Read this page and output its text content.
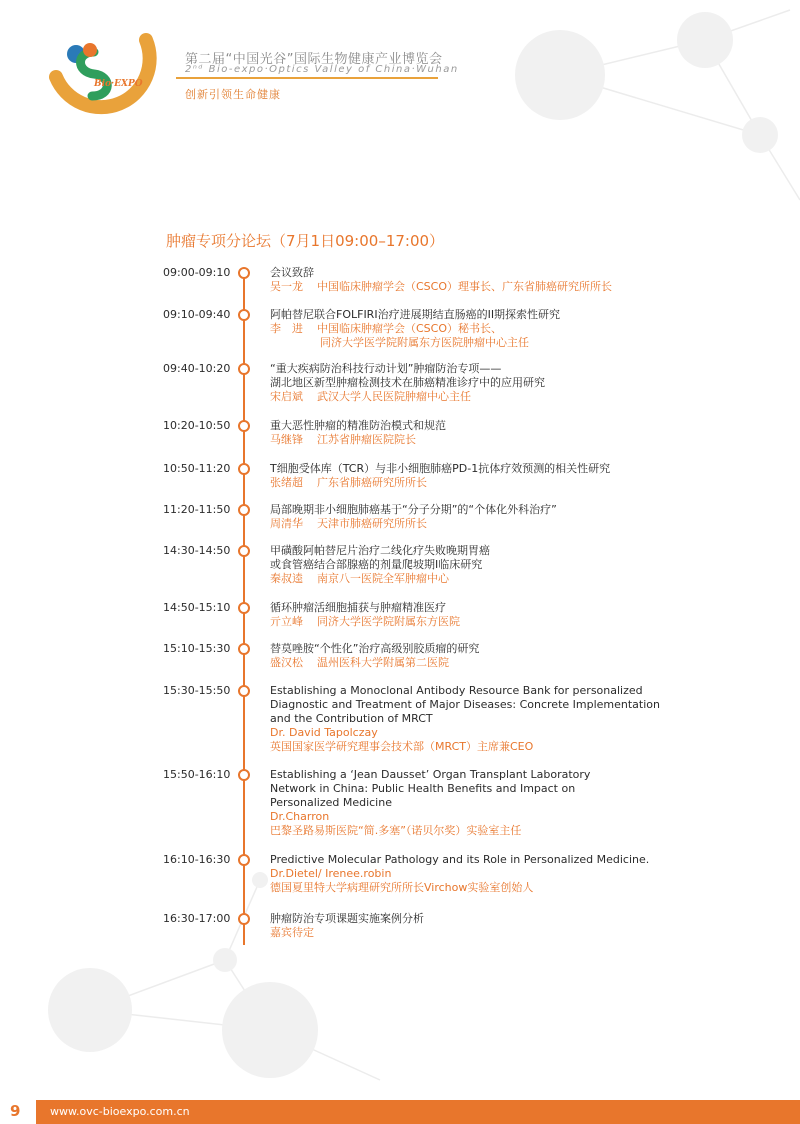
Bio·EXPO
第二届“中国光谷”国际生物健康产业博览会
2ⁿᵈ Bio-expo·Optics Valley of China·Wuhan
创新引领生命健康
肿瘤专项分论坛（7月1日09:00–17:00）
09:00-09:10	会议致辞
吴一龙 中国临床肿瘤学会（CSCO）理事长、广东省肺癌研究所所长
09:10-09:40	阿帕替尼联合FOLFIRI治疗进展期结直肠癌的II期探索性研究
李　进 中国临床肿瘤学会（CSCO）秘书长、
同济大学医学院附属东方医院肿瘤中心主任
09:40-10:20	“重大疾病防治科技行动计划”肿瘤防治专项——
湖北地区新型肿瘤检测技术在肺癌精准诊疗中的应用研究
宋启斌 武汉大学人民医院肿瘤中心主任
10:20-10:50	重大恶性肿瘤的精准防治模式和规范
马继锋 江苏省肿瘤医院院长
10:50-11:20	T细胞受体库（TCR）与非小细胞肺癌PD-1抗体疗效预测的相关性研究
张绪超 广东省肺癌研究所所长
11:20-11:50	局部晚期非小细胞肺癌基于“分子分期”的“个体化外科治疗”
周清华 天津市肺癌研究所所长
14:30-14:50	甲磺酸阿帕替尼片治疗二线化疗失败晚期胃癌
或食管癌结合部腺癌的剂量爬坡期Ⅰ临床研究
秦叔逵 南京八一医院全军肿瘤中心
14:50-15:10	循环肿瘤活细胞捕获与肿瘤精准医疗
亓立峰 同济大学医学院附属东方医院
15:10-15:30	替莫唑胺“个性化”治疗高级别胶质瘤的研究
盛汉松 温州医科大学附属第二医院
15:30-15:50	Establishing a Monoclonal Antibody Resource Bank for personalized
Diagnostic and Treatment of Major Diseases: Concrete Implementation
and the Contribution of MRCT
Dr. David Tapolczay
英国国家医学研究理事会技术部（MRCT）主席兼CEO
15:50-16:10	Establishing a ‘Jean Dausset’ Organ Transplant Laboratory
Network in China: Public Health Benefits and Impact on
Personalized Medicine
Dr.Charron
巴黎圣路易斯医院“简.多塞”（诺贝尔奖）实验室主任
16:10-16:30	Predictive Molecular Pathology and its Role in Personalized Medicine.
Dr.Dietel/ Irenee.robin
德国夏里特大学病理研究所所长Virchow实验室创始人
16:30-17:00	肿瘤防治专项课题实施案例分析
嘉宾待定
9	www.ovc-bioexpo.com.cn
